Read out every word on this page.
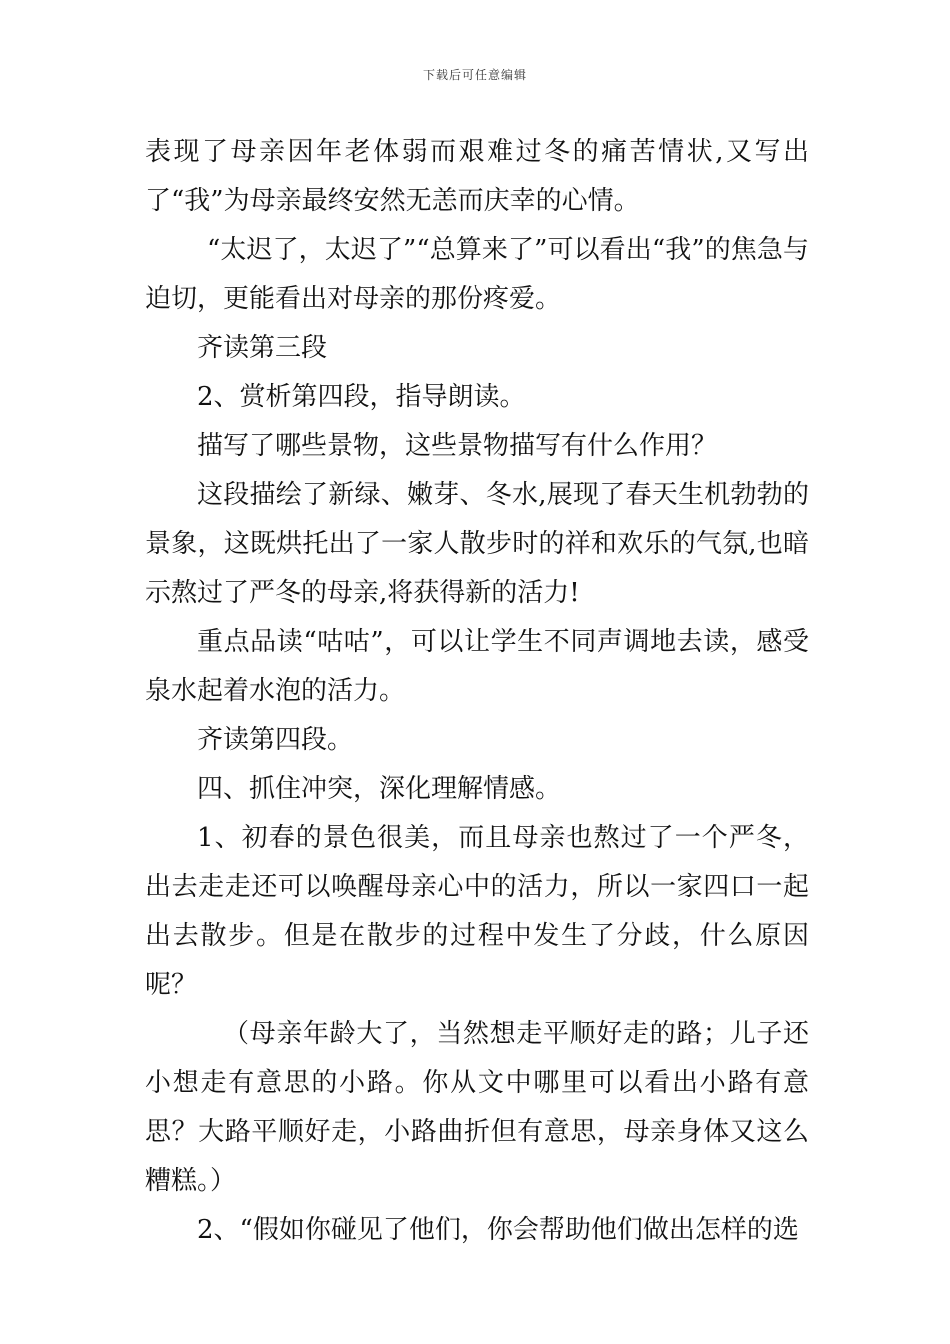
下载后可任意编辑

表现了母亲因年老体弱而艰难过冬的痛苦情状,又写出了“我”为母亲最终安然无恙而庆幸的心情。

“太迟了，太迟了”“总算来了”可以看出“我”的焦急与迫切，更能看出对母亲的那份疼爱。

齐读第三段

2、赏析第四段，指导朗读。

描写了哪些景物，这些景物描写有什么作用？

这段描绘了新绿、嫩芽、冬水,展现了春天生机勃勃的景象，这既烘托出了一家人散步时的祥和欢乐的气氛,也暗示熬过了严冬的母亲,将获得新的活力!

重点品读“咕咕”，可以让学生不同声调地去读，感受泉水起着水泡的活力。

齐读第四段。

四、抓住冲突，深化理解情感。

1、初春的景色很美，而且母亲也熬过了一个严冬，出去走走还可以唤醒母亲心中的活力，所以一家四口一起出去散步。但是在散步的过程中发生了分歧，什么原因呢？

（母亲年龄大了，当然想走平顺好走的路；儿子还小想走有意思的小路。你从文中哪里可以看出小路有意思？大路平顺好走，小路曲折但有意思，母亲身体又这么糟糕。）

2、“假如你碰见了他们，你会帮助他们做出怎样的选
